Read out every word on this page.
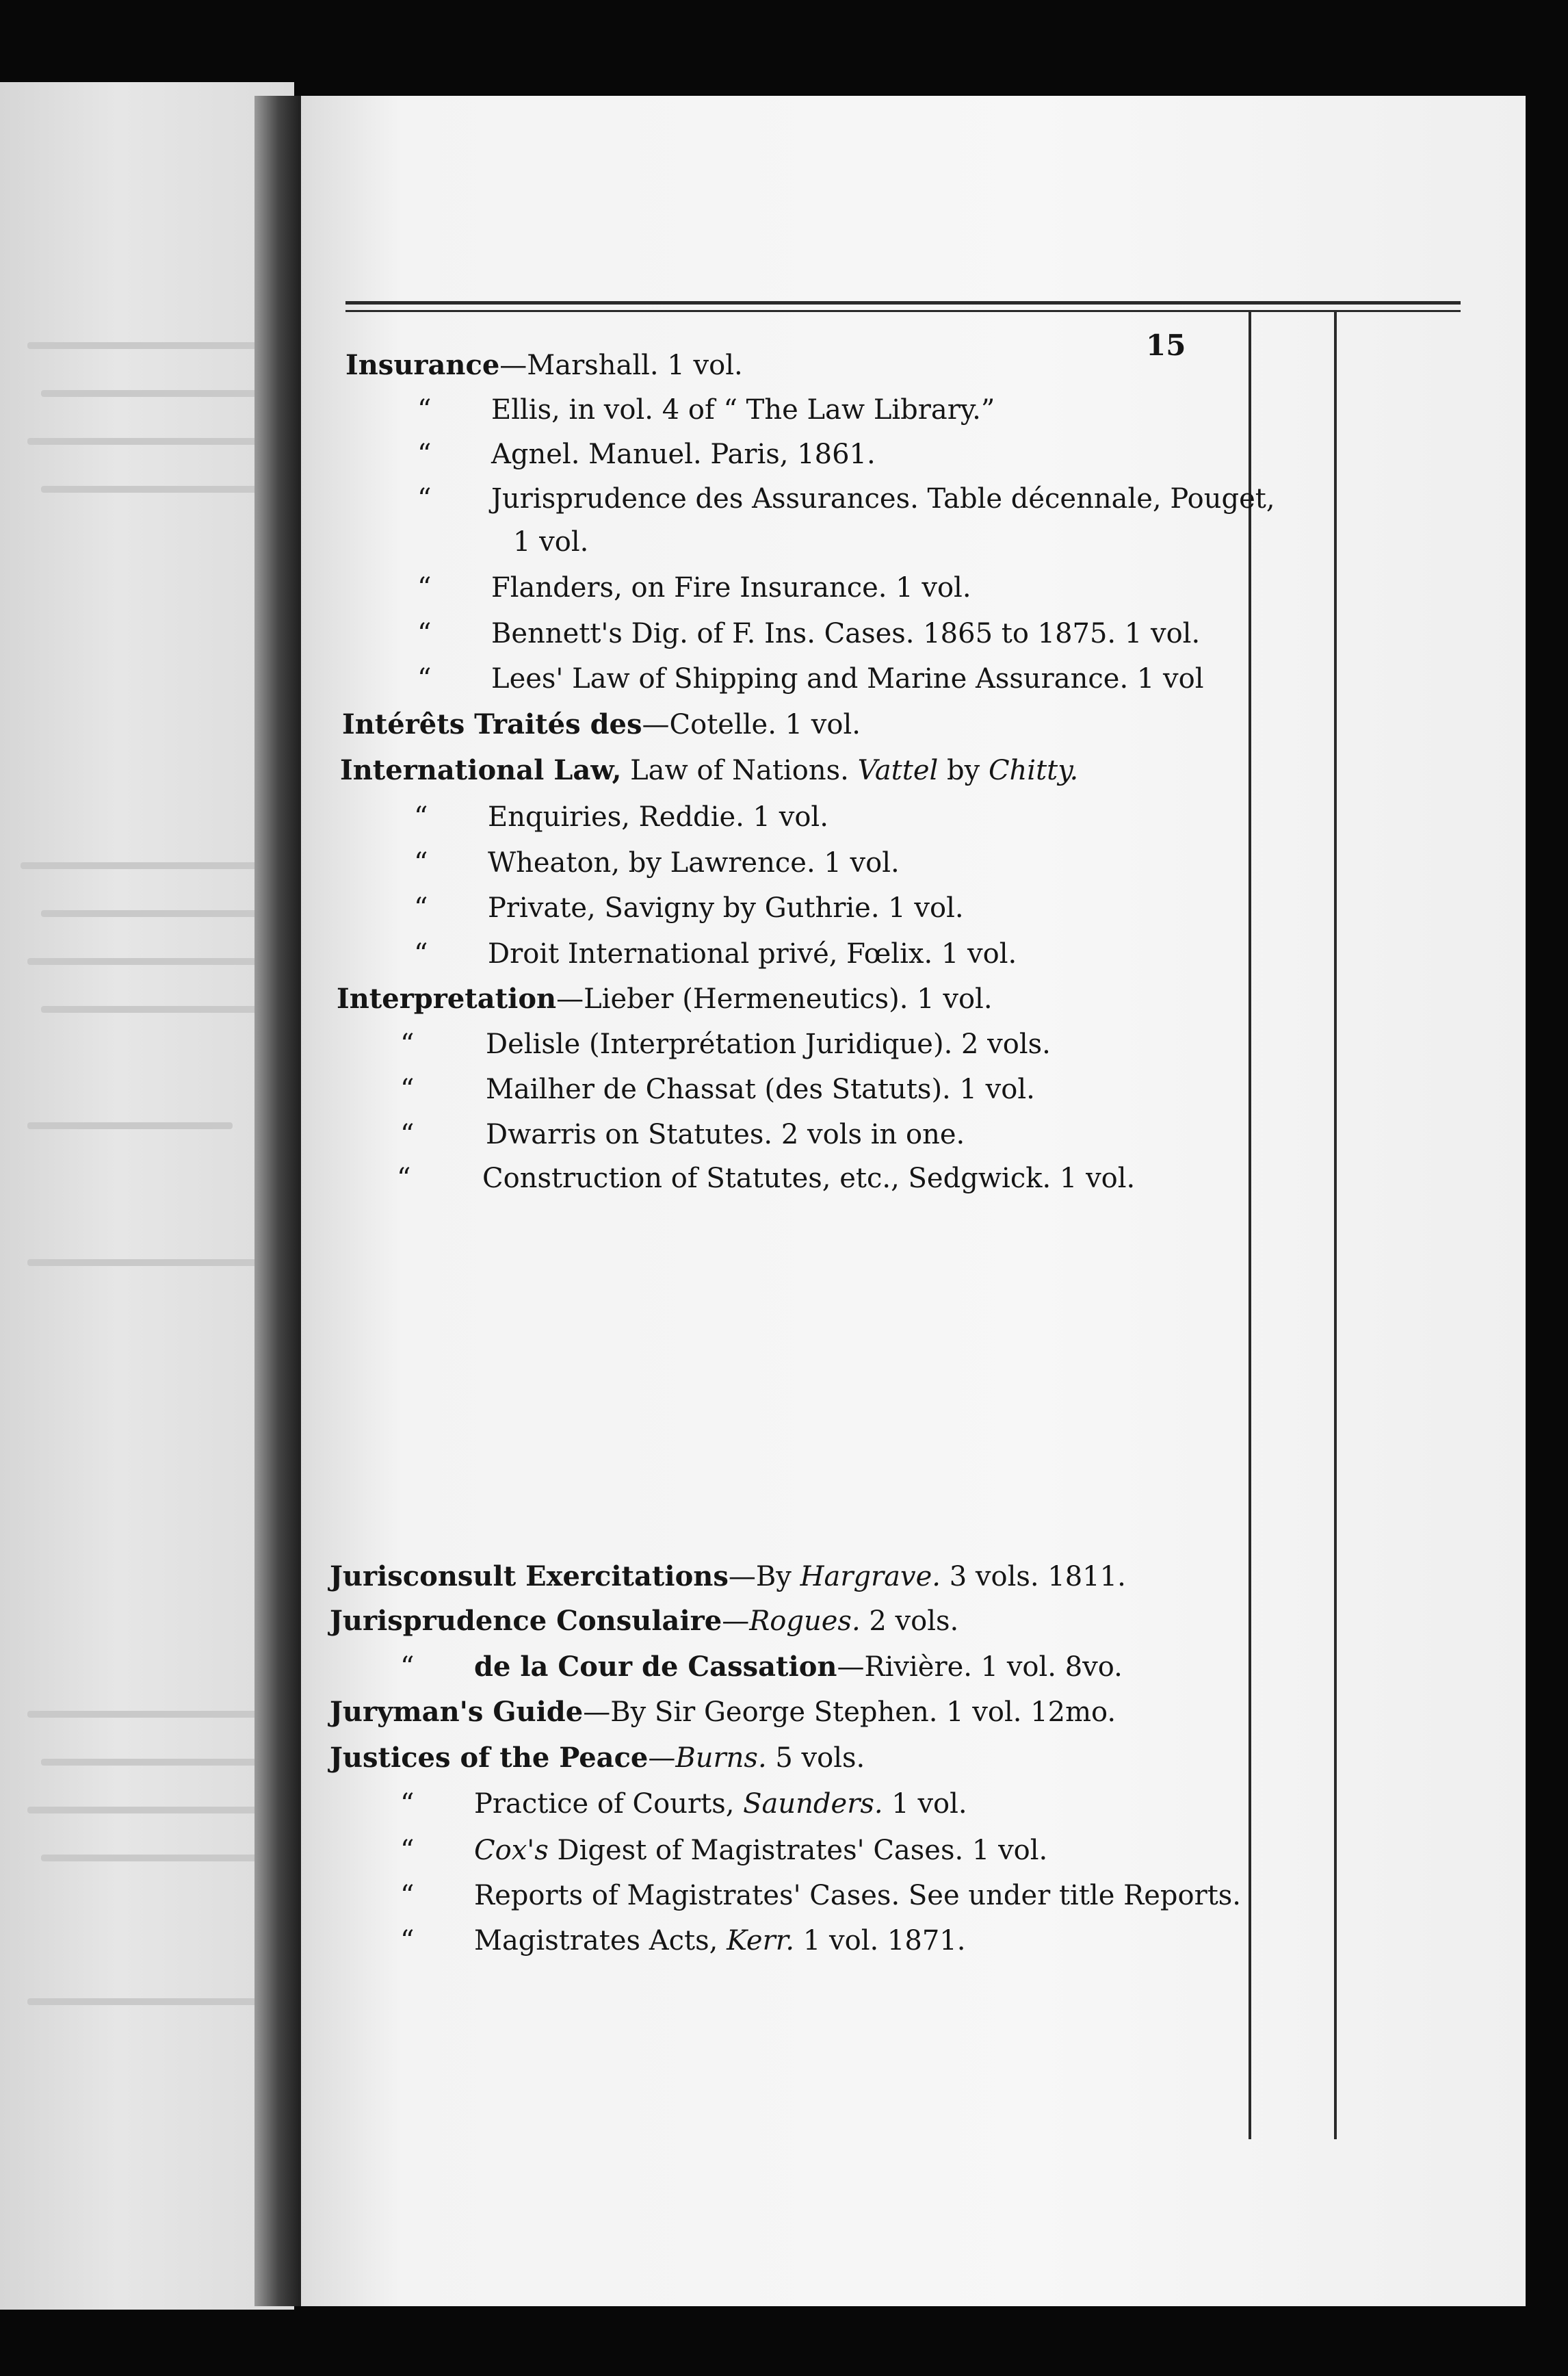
15
Insurance—Marshall. 1 vol.
“ Ellis, in vol. 4 of “ The Law Library.”
“ Agnel. Manuel. Paris, 1861.
“ Jurisprudence des Assurances. Table décennale, Pouget,
1 vol.
“ Flanders, on Fire Insurance. 1 vol.
“ Bennett's Dig. of F. Ins. Cases. 1865 to 1875. 1 vol.
“ Lees' Law of Shipping and Marine Assurance. 1 vol
Intérêts Traités des—Cotelle. 1 vol.
International Law, Law of Nations. Vattel by Chitty.
“ Enquiries, Reddie. 1 vol.
“ Wheaton, by Lawrence. 1 vol.
“ Private, Savigny by Guthrie. 1 vol.
“ Droit International privé, Fœlix. 1 vol.
Interpretation—Lieber (Hermeneutics). 1 vol.
“	Delisle (Interprétation Juridique). 2 vols.
“	Mailher de Chassat (des Statuts). 1 vol.
“	Dwarris on Statutes. 2 vols in one.
“	Construction of Statutes, etc., Sedgwick. 1 vol.
Jurisconsult Exercitations—By Hargrave. 3 vols. 1811.
Jurisprudence Consulaire—Rogues. 2 vols.
“ de la Cour de Cassation—Rivière. 1 vol. 8vo.
Juryman's Guide—By Sir George Stephen. 1 vol. 12mo.
Justices of the Peace—Burns. 5 vols.
“ Practice of Courts, Saunders. 1 vol.
“ Cox's Digest of Magistrates' Cases. 1 vol.
“ Reports of Magistrates' Cases. See under title Reports.
“ Magistrates Acts, Kerr. 1 vol. 1871.
